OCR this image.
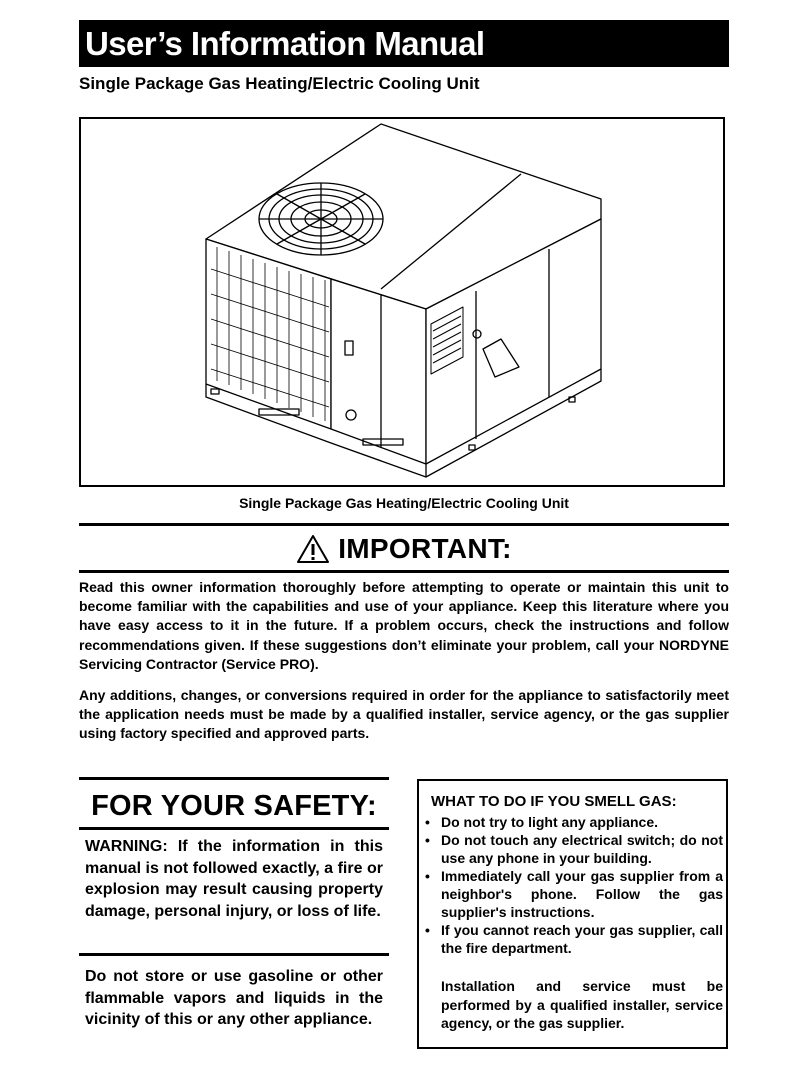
User’s Information Manual
Single Package Gas Heating/Electric Cooling Unit
Single Package Gas Heating/Electric Cooling Unit
IMPORTANT:

Read this owner information thoroughly before attempting to operate or maintain this unit to become familiar with the capabilities and use of your appliance. Keep this literature where you have easy access to it in the future. If a problem occurs, check the instructions and follow recommendations given. If these suggestions don’t eliminate your problem, call your NORDYNE Servicing Contractor (Service PRO).

Any additions, changes, or conversions required in order for the appliance to satisfactorily meet the application needs must be made by a qualified installer, service agency, or the gas supplier using factory specified and approved parts.

FOR YOUR SAFETY:

WARNING: If the information in this manual is not followed exactly, a fire or explosion may result causing property damage, personal injury, or loss of life.

Do not store or use gasoline or other flammable vapors and liquids in the vicinity of this or any other appliance.

WHAT TO DO IF YOU SMELL GAS:
• Do not try to light any appliance.
• Do not touch any electrical switch; do not use any phone in your building.
• Immediately call your gas supplier from a neighbor's phone. Follow the gas supplier's instructions.
• If you cannot reach your gas supplier, call the fire department.

Installation and service must be performed by a qualified installer, service agency, or the gas supplier.
